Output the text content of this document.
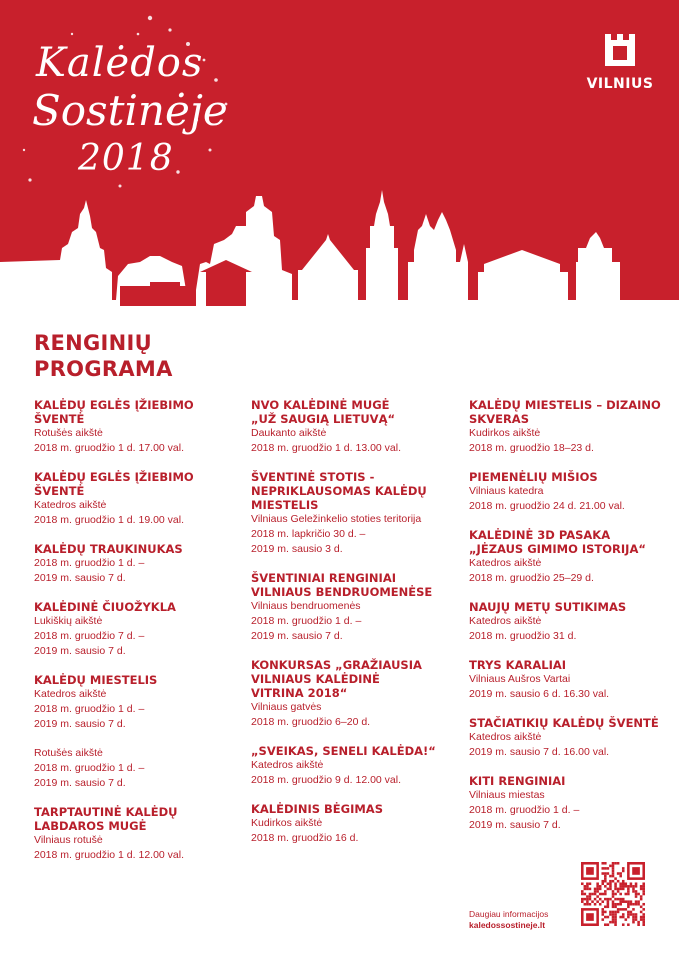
Kalėdos
Sostinėje
2018
VILNIUS
RENGINIŲ
PROGRAMA
KALĖDŲ EGLĖS ĮŽIEBIMO
ŠVENTĖ
Rotušės aikštė
2018 m. gruodžio 1 d. 17.00 val.
KALĖDŲ EGLĖS ĮŽIEBIMO
ŠVENTĖ
Katedros aikštė
2018 m. gruodžio 1 d. 19.00 val.
KALĖDŲ TRAUKINUKAS
2018 m. gruodžio 1 d. –
2019 m. sausio 7 d.
KALĖDINĖ ČIUOŽYKLA
Lukiškių aikštė
2018 m. gruodžio 7 d. –
2019 m. sausio 7 d.
KALĖDŲ MIESTELIS
Katedros aikštė
2018 m. gruodžio 1 d. –
2019 m. sausio 7 d.
Rotušės aikštė
2018 m. gruodžio 1 d. –
2019 m. sausio 7 d.
TARPTAUTINĖ KALĖDŲ
LABDAROS MUGĖ
Vilniaus rotušė
2018 m. gruodžio 1 d. 12.00 val.
NVO KALĖDINĖ MUGĖ
„UŽ SAUGIĄ LIETUVĄ“
Daukanto aikštė
2018 m. gruodžio 1 d. 13.00 val.
ŠVENTINĖ STOTIS -
NEPRIKLAUSOMAS KALĖDŲ
MIESTELIS
Vilniaus Geležinkelio stoties teritorija
2018 m. lapkričio 30 d. –
2019 m. sausio 3 d.
ŠVENTINIAI RENGINIAI
VILNIAUS BENDRUOMENĖSE
Vilniaus bendruomenės
2018 m. gruodžio 1 d. –
2019 m. sausio 7 d.
KONKURSAS „GRAŽIAUSIA
VILNIAUS KALĖDINĖ
VITRINA 2018“
Vilniaus gatvės
2018 m. gruodžio 6–20 d.
„SVEIKAS, SENELI KALĖDA!“
Katedros aikštė
2018 m. gruodžio 9 d. 12.00 val.
KALĖDINIS BĖGIMAS
Kudirkos aikštė
2018 m. gruodžio 16 d.
KALĖDŲ MIESTELIS – DIZAINO
SKVERAS
Kudirkos aikštė
2018 m. gruodžio 18–23 d.
PIEMENĖLIŲ MIŠIOS
Vilniaus katedra
2018 m. gruodžio 24 d. 21.00 val.
KALĖDINĖ 3D PASAKA
„JĖZAUS GIMIMO ISTORIJA“
Katedros aikštė
2018 m. gruodžio 25–29 d.
NAUJŲ METŲ SUTIKIMAS
Katedros aikštė
2018 m. gruodžio 31 d.
TRYS KARALIAI
Vilniaus Aušros Vartai
2019 m. sausio 6 d. 16.30 val.
STAČIATIKIŲ KALĖDŲ ŠVENTĖ
Katedros aikštė
2019 m. sausio 7 d. 16.00 val.
KITI RENGINIAI
Vilniaus miestas
2018 m. gruodžio 1 d. –
2019 m. sausio 7 d.
Daugiau informacijos
kaledossostineje.lt
